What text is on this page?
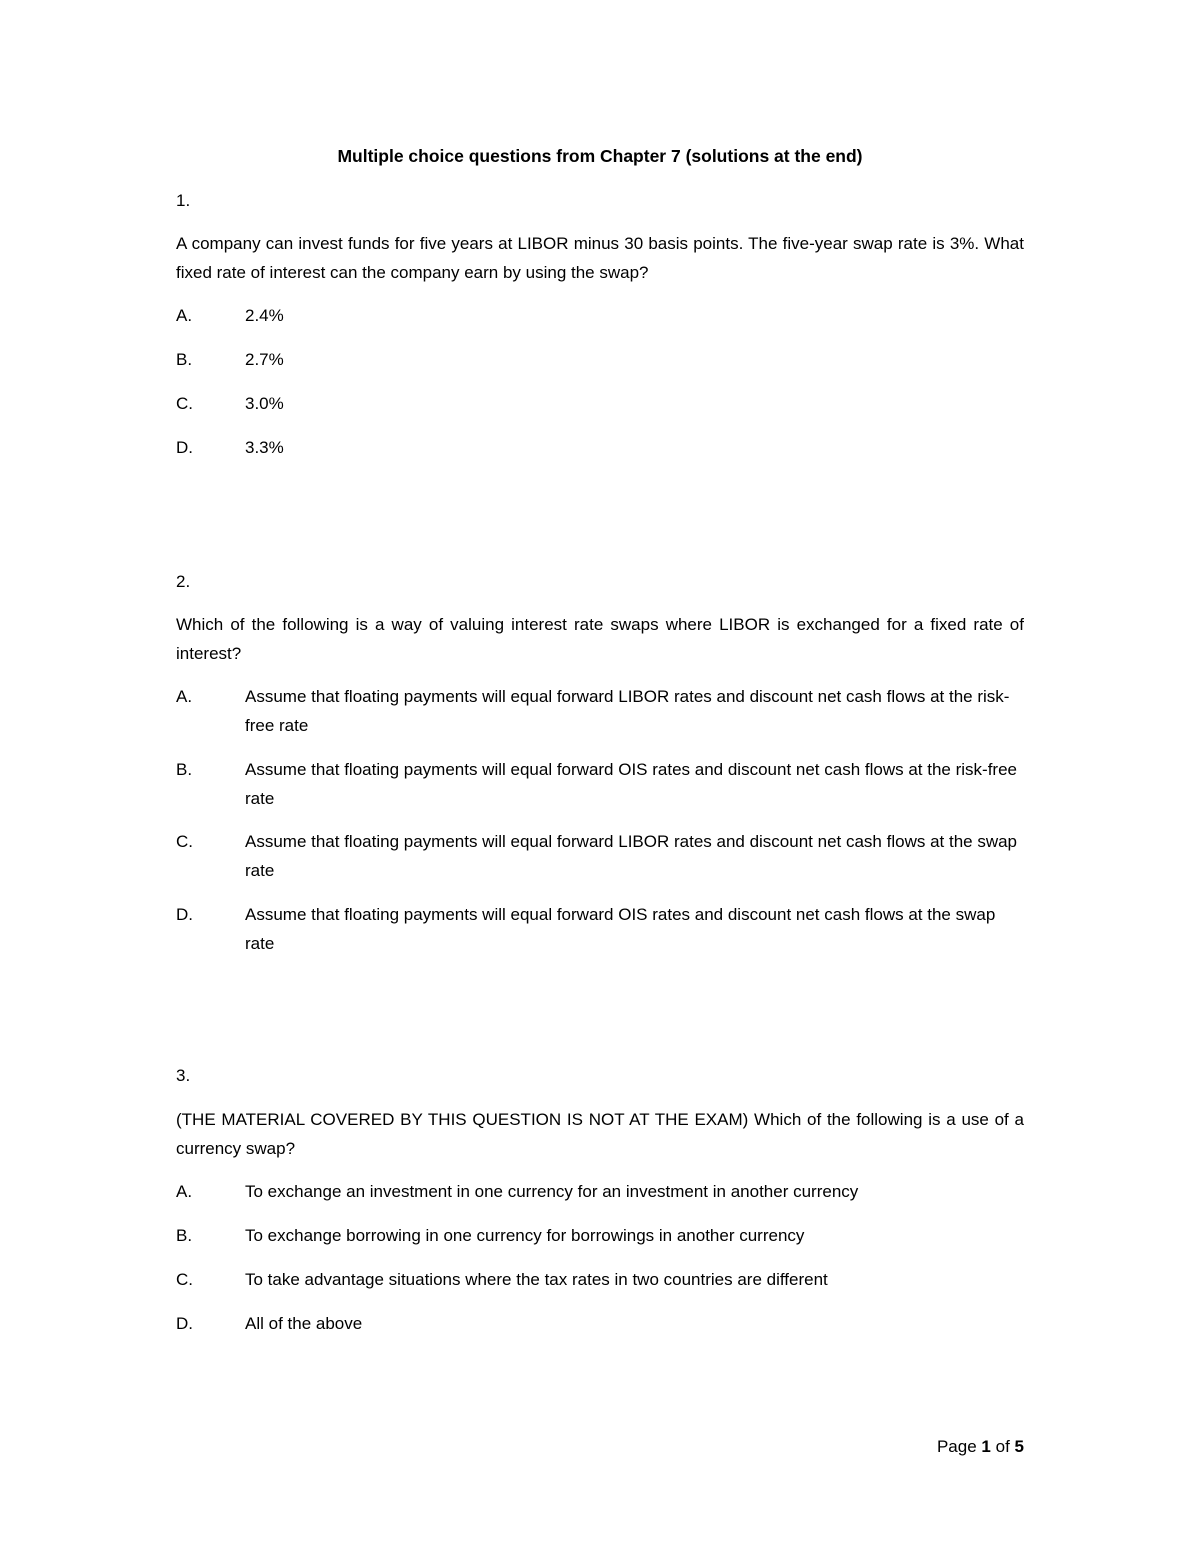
Multiple choice questions from Chapter 7 (solutions at the end)
1.
A company can invest funds for five years at LIBOR minus 30 basis points. The five-year swap rate is 3%. What fixed rate of interest can the company earn by using the swap?
A.	2.4%
B.	2.7%
C.	3.0%
D.	3.3%
2.
Which of the following is a way of valuing interest rate swaps where LIBOR is exchanged for a fixed rate of interest?
A.	Assume that floating payments will equal forward LIBOR rates and discount net cash flows at the risk-free rate
B.	Assume that floating payments will equal forward OIS rates and discount net cash flows at the risk-free rate
C.	Assume that floating payments will equal forward LIBOR rates and discount net cash flows at the swap rate
D.	Assume that floating payments will equal forward OIS rates and discount net cash flows at the swap rate
3.
(THE MATERIAL COVERED BY THIS QUESTION IS NOT AT THE EXAM) Which of the following is a use of a currency swap?
A.	To exchange an investment in one currency for an investment in another currency
B.	To exchange borrowing in one currency for borrowings in another currency
C.	To take advantage situations where the tax rates in two countries are different
D.	All of the above
Page 1 of 5
